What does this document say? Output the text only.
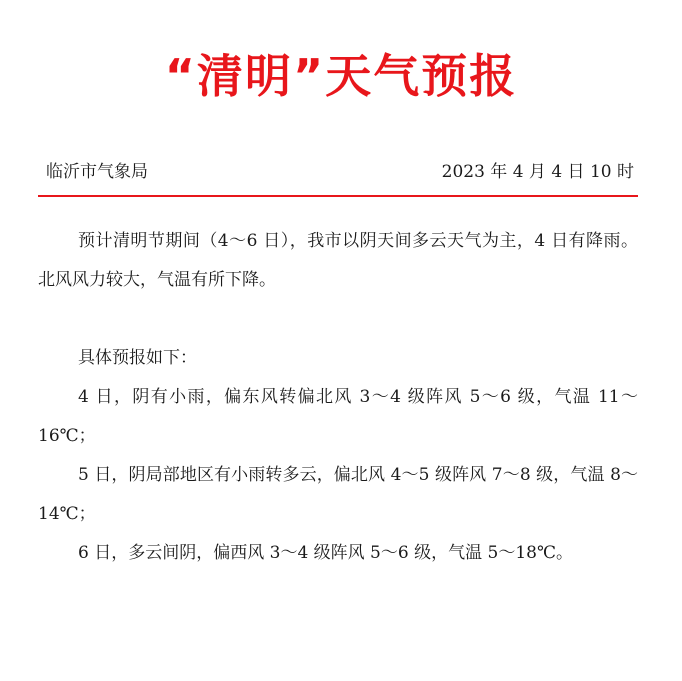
“清明”天气预报
临沂市气象局	2023 年 4 月 4 日 10 时

预计清明节期间（4～6 日），我市以阴天间多云天气为主，4 日有降雨。北风风力较大，气温有所下降。

具体预报如下：

4 日，阴有小雨，偏东风转偏北风 3～4 级阵风 5～6 级，气温 11～16℃；

5 日，阴局部地区有小雨转多云，偏北风 4～5 级阵风 7～8 级，气温 8～14℃；

6 日，多云间阴，偏西风 3～4 级阵风 5～6 级，气温 5～18℃。
